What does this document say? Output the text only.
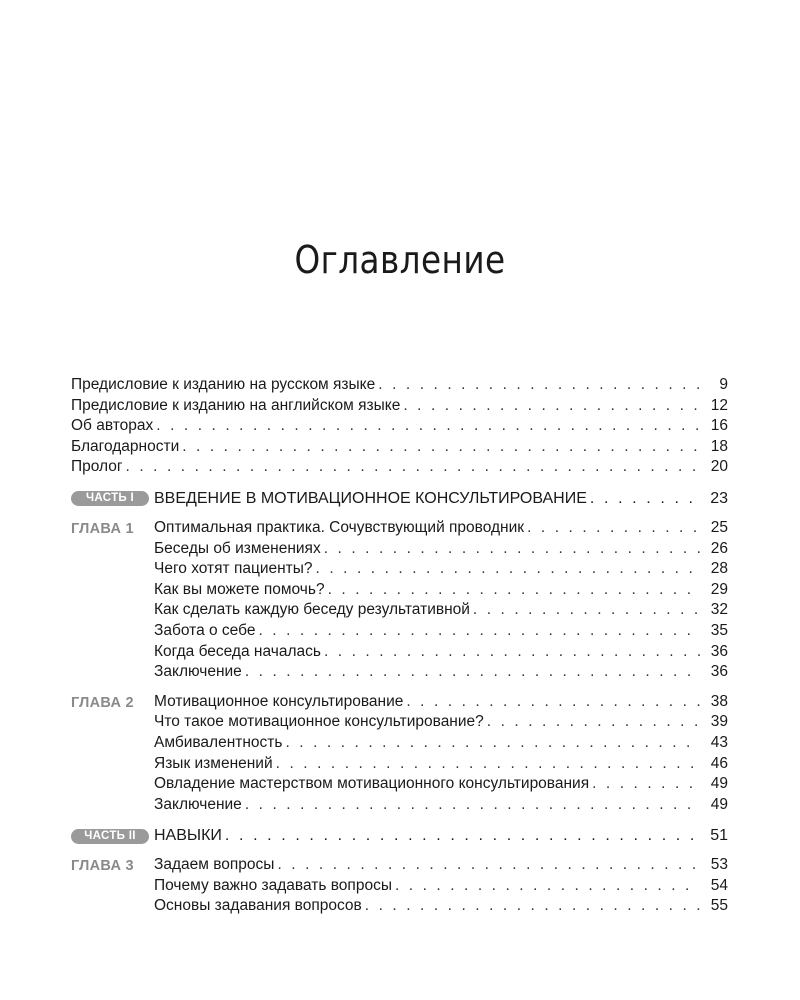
Оглавление
Предисловие к изданию на русском языке . . .	9
Предисловие к изданию на английском языке . . .	12
Об авторах . . .	16
Благодарности . . .	18
Пролог . . .	20
ЧАСТЬ I	ВВЕДЕНИЕ В МОТИВАЦИОННОЕ КОНСУЛЬТИРОВАНИЕ . . .	23
ГЛАВА 1 Оптимальная практика. Сочувствующий проводник . . .	25
Беседы об изменениях . . .	26
Чего хотят пациенты? . . .	28
Как вы можете помочь? . . .	29
Как сделать каждую беседу результативной . . .	32
Забота о себе . . .	35
Когда беседа началась . . .	36
Заключение . . .	36
ГЛАВА 2 Мотивационное консультирование . . .	38
Что такое мотивационное консультирование? . . .	39
Амбивалентность . . .	43
Язык изменений . . .	46
Овладение мастерством мотивационного консультирования . . .	49
Заключение . . .	49
ЧАСТЬ II	НАВЫКИ . . .	51
ГЛАВА 3 Задаем вопросы . . .	53
Почему важно задавать вопросы . . .	54
Основы задавания вопросов . . .	55
